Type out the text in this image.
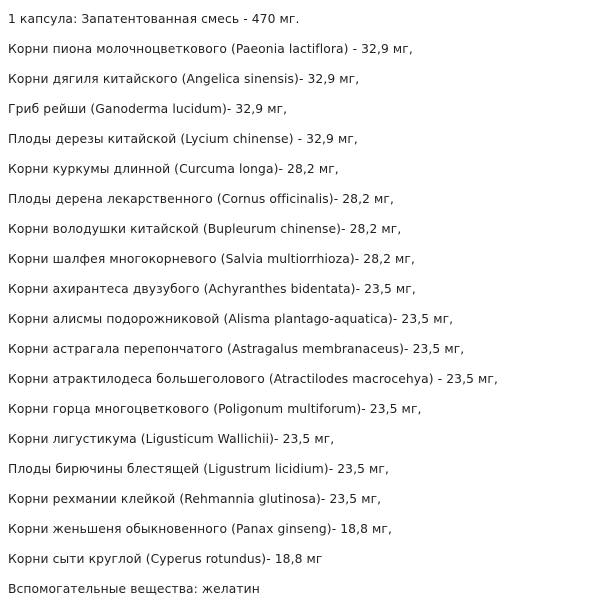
1 капсула: Запатентованная смесь - 470 мг.
Корни пиона молочноцветкового (Paeonia lactiflora) - 32,9 мг,
Корни дягиля китайского (Angelica sinensis)- 32,9 мг,
Гриб рейши (Ganoderma lucidum)- 32,9 мг,
Плоды дерезы китайской (Lycium chinense) - 32,9 мг,
Корни куркумы длинной (Curcuma longa)- 28,2 мг,
Плоды дерена лекарственного (Cornus officinalis)- 28,2 мг,
Корни володушки китайской (Bupleurum chinense)- 28,2 мг,
Корни шалфея многокорневого (Salvia multiorrhioza)- 28,2 мг,
Корни ахирантеса двузубого (Achyranthes bidentata)- 23,5 мг,
Корни алисмы подорожниковой (Alisma plantago-aquatica)- 23,5 мг,
Корни астрагала перепончатого (Astragalus membranaceus)- 23,5 мг,
Корни атрактилодеса большеголового (Atractilodes macrocehya) - 23,5 мг,
Корни горца многоцветкового (Poligonum multiforum)- 23,5 мг,
Корни лигустикума (Ligusticum Wallichii)- 23,5 мг,
Плоды бирючины блестящей (Ligustrum licidium)- 23,5 мг,
Корни рехмании клейкой (Rehmannia glutinosa)- 23,5 мг,
Корни женьшеня обыкновенного (Panax ginseng)- 18,8 мг,
Корни сыти круглой (Cyperus rotundus)- 18,8 мг
Вспомогательные вещества: желатин
